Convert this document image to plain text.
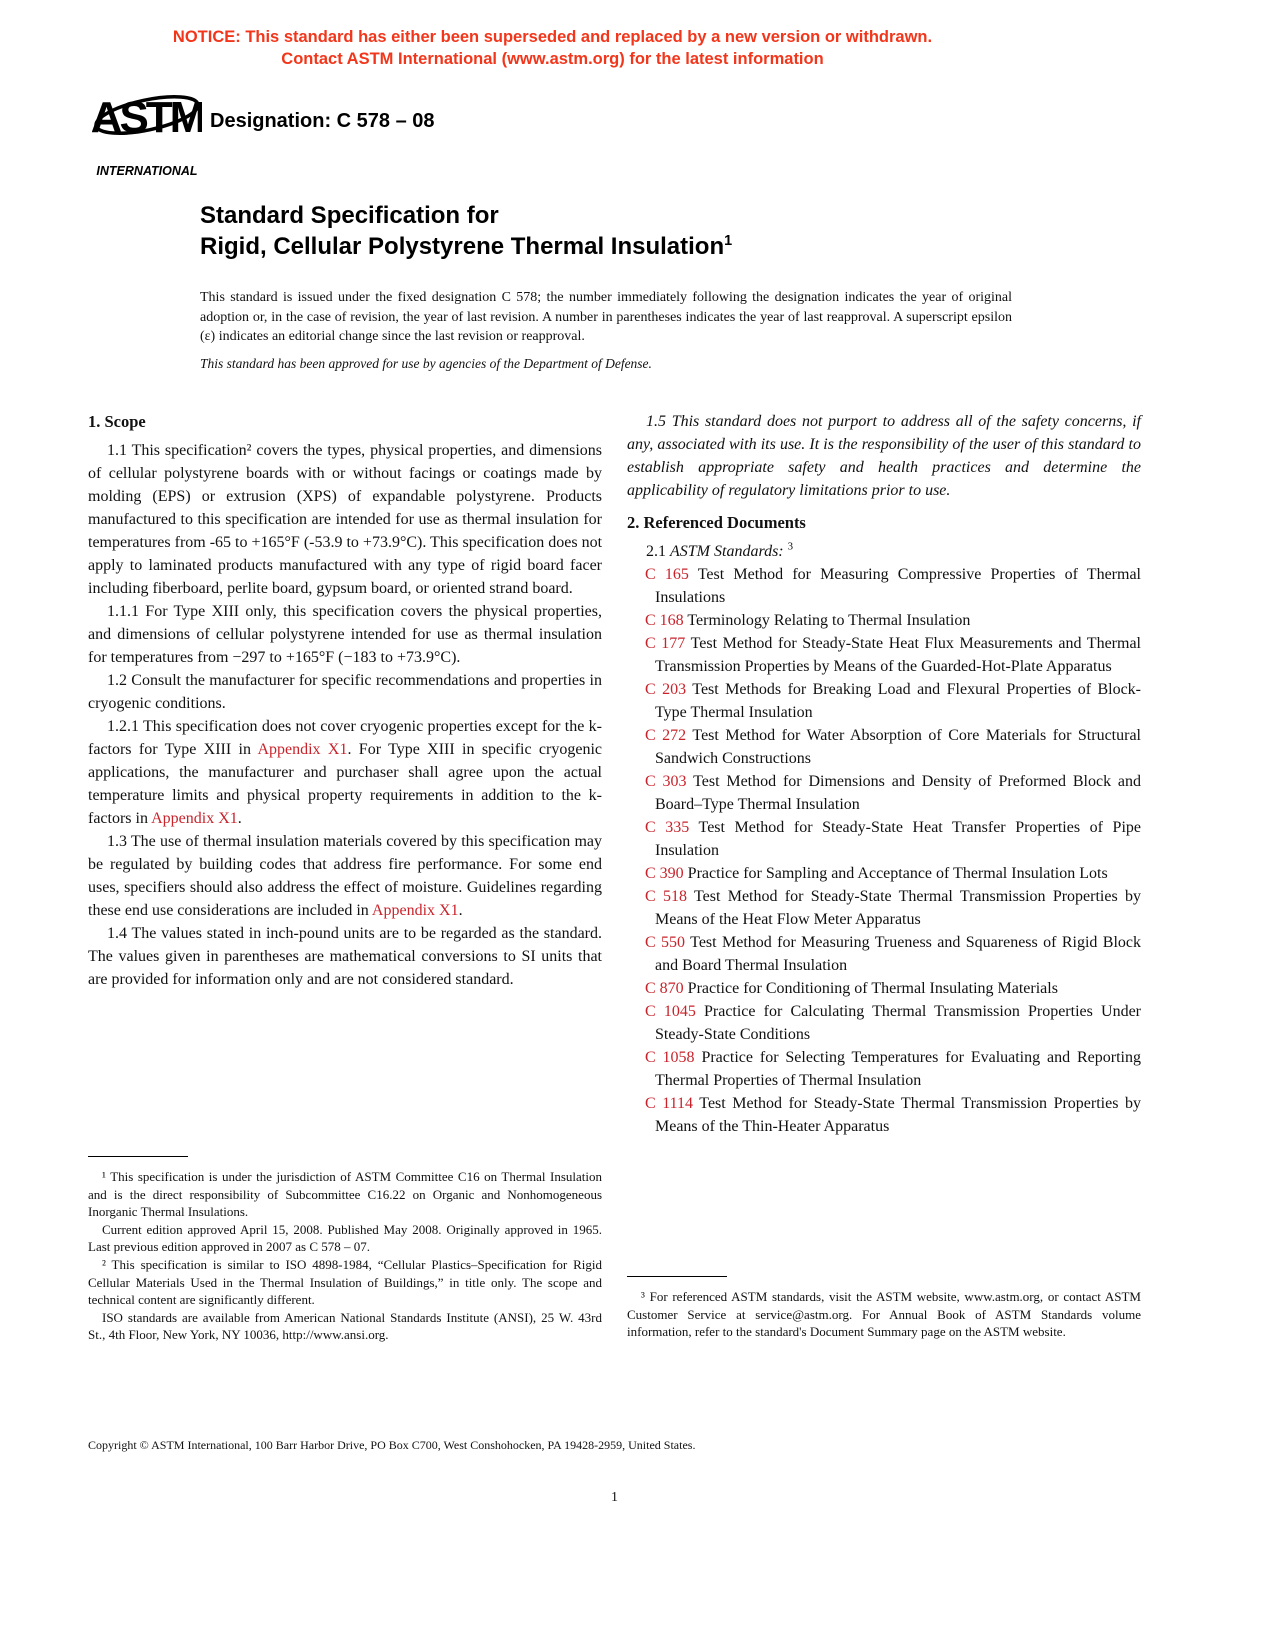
NOTICE: This standard has either been superseded and replaced by a new version or withdrawn.
Contact ASTM International (www.astm.org) for the latest information
ASTM
INTERNATIONAL
Designation: C 578 – 08
Standard Specification for
Rigid, Cellular Polystyrene Thermal Insulation$^1$
This standard is issued under the fixed designation C 578; the number immediately following the designation indicates the year of original adoption or, in the case of revision, the year of last revision. A number in parentheses indicates the year of last reapproval. A superscript epsilon (ε) indicates an editorial change since the last revision or reapproval.
This standard has been approved for use by agencies of the Department of Defense.
1. Scope

1.1 This specification² covers the types, physical properties, and dimensions of cellular polystyrene boards with or without facings or coatings made by molding (EPS) or extrusion (XPS) of expandable polystyrene. Products manufactured to this specification are intended for use as thermal insulation for temperatures from -65 to +165°F (-53.9 to +73.9°C). This specification does not apply to laminated products manufactured with any type of rigid board facer including fiberboard, perlite board, gypsum board, or oriented strand board.

1.1.1 For Type XIII only, this specification covers the physical properties, and dimensions of cellular polystyrene intended for use as thermal insulation for temperatures from −297 to +165°F (−183 to +73.9°C).

1.2 Consult the manufacturer for specific recommendations and properties in cryogenic conditions.

1.2.1 This specification does not cover cryogenic properties except for the k-factors for Type XIII in Appendix X1. For Type XIII in specific cryogenic applications, the manufacturer and purchaser shall agree upon the actual temperature limits and physical property requirements in addition to the k-factors in Appendix X1.

1.3 The use of thermal insulation materials covered by this specification may be regulated by building codes that address fire performance. For some end uses, specifiers should also address the effect of moisture. Guidelines regarding these end use considerations are included in Appendix X1.

1.4 The values stated in inch-pound units are to be regarded as the standard. The values given in parentheses are mathematical conversions to SI units that are provided for information only and are not considered standard.

1.5 This standard does not purport to address all of the safety concerns, if any, associated with its use. It is the responsibility of the user of this standard to establish appropriate safety and health practices and determine the applicability of regulatory limitations prior to use.

2. Referenced Documents

2.1 ASTM Standards: $^3$

C 165 Test Method for Measuring Compressive Properties of Thermal Insulations
C 168 Terminology Relating to Thermal Insulation
C 177 Test Method for Steady-State Heat Flux Measurements and Thermal Transmission Properties by Means of the Guarded-Hot-Plate Apparatus
C 203 Test Methods for Breaking Load and Flexural Properties of Block-Type Thermal Insulation
C 272 Test Method for Water Absorption of Core Materials for Structural Sandwich Constructions
C 303 Test Method for Dimensions and Density of Preformed Block and Board–Type Thermal Insulation
C 335 Test Method for Steady-State Heat Transfer Properties of Pipe Insulation
C 390 Practice for Sampling and Acceptance of Thermal Insulation Lots
C 518 Test Method for Steady-State Thermal Transmission Properties by Means of the Heat Flow Meter Apparatus
C 550 Test Method for Measuring Trueness and Squareness of Rigid Block and Board Thermal Insulation
C 870 Practice for Conditioning of Thermal Insulating Materials
C 1045 Practice for Calculating Thermal Transmission Properties Under Steady-State Conditions
C 1058 Practice for Selecting Temperatures for Evaluating and Reporting Thermal Properties of Thermal Insulation
C 1114 Test Method for Steady-State Thermal Transmission Properties by Means of the Thin-Heater Apparatus

¹ This specification is under the jurisdiction of ASTM Committee C16 on Thermal Insulation and is the direct responsibility of Subcommittee C16.22 on Organic and Nonhomogeneous Inorganic Thermal Insulations.

Current edition approved April 15, 2008. Published May 2008. Originally approved in 1965. Last previous edition approved in 2007 as C 578 – 07.

² This specification is similar to ISO 4898-1984, “Cellular Plastics–Specification for Rigid Cellular Materials Used in the Thermal Insulation of Buildings,” in title only. The scope and technical content are significantly different.

ISO standards are available from American National Standards Institute (ANSI), 25 W. 43rd St., 4th Floor, New York, NY 10036, http://www.ansi.org.

³ For referenced ASTM standards, visit the ASTM website, www.astm.org, or contact ASTM Customer Service at service@astm.org. For Annual Book of ASTM Standards volume information, refer to the standard's Document Summary page on the ASTM website.

Copyright © ASTM International, 100 Barr Harbor Drive, PO Box C700, West Conshohocken, PA 19428-2959, United States.
1
